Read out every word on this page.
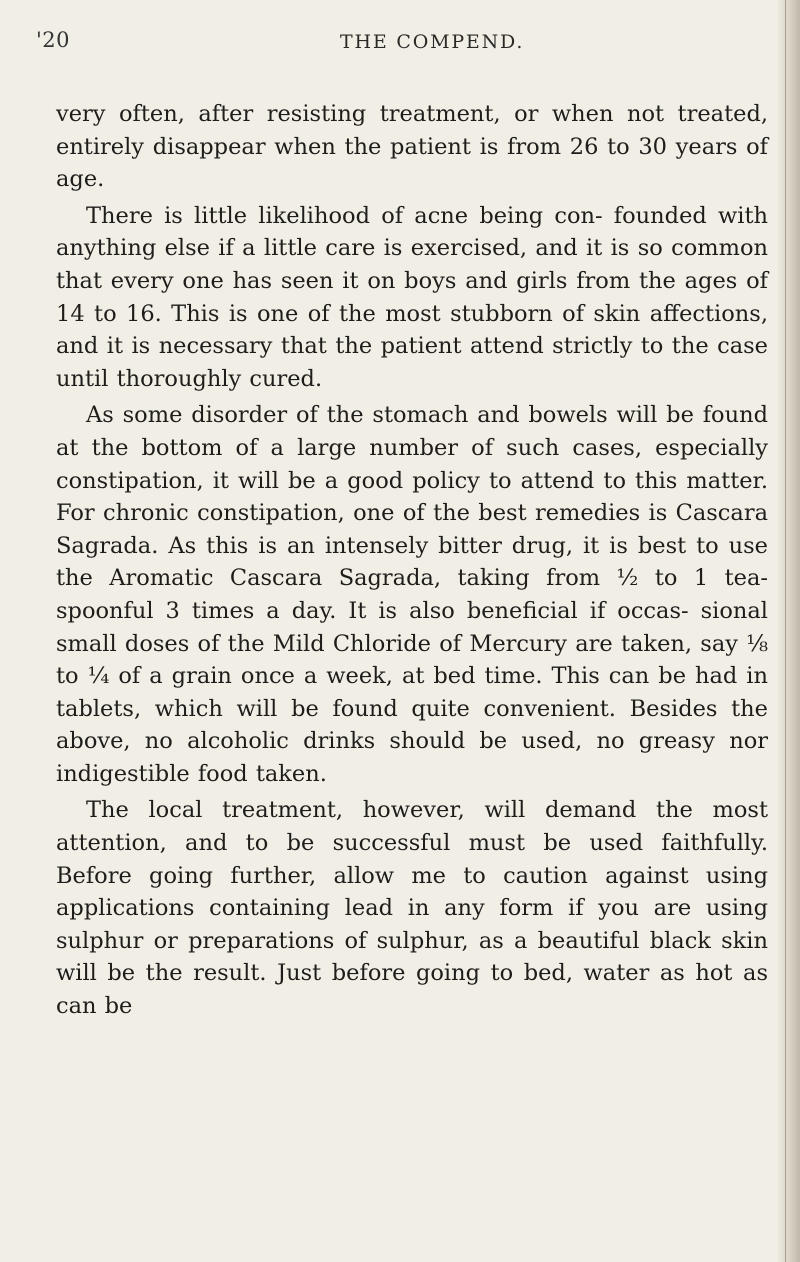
'20	THE COMPEND.

very often, after resisting treatment, or when not treated, entirely disappear when the patient is from 26 to 30 years of age.

There is little likelihood of acne being con- founded with anything else if a little care is exercised, and it is so common that every one has seen it on boys and girls from the ages of 14 to 16. This is one of the most stubborn of skin affections, and it is necessary that the patient attend strictly to the case until thoroughly cured.

As some disorder of the stomach and bowels will be found at the bottom of a large number of such cases, especially constipation, it will be a good policy to attend to this matter. For chronic constipation, one of the best remedies is Cascara Sagrada. As this is an intensely bitter drug, it is best to use the Aromatic Cascara Sagrada, taking from ½ to 1 tea- spoonful 3 times a day. It is also beneficial if occas- sional small doses of the Mild Chloride of Mercury are taken, say ⅛ to ¼ of a grain once a week, at bed time. This can be had in tablets, which will be found quite convenient. Besides the above, no alcoholic drinks should be used, no greasy nor indigestible food taken.

The local treatment, however, will demand the most attention, and to be successful must be used faithfully. Before going further, allow me to caution against using applications containing lead in any form if you are using sulphur or preparations of sulphur, as a beautiful black skin will be the result. Just before going to bed, water as hot as can be
